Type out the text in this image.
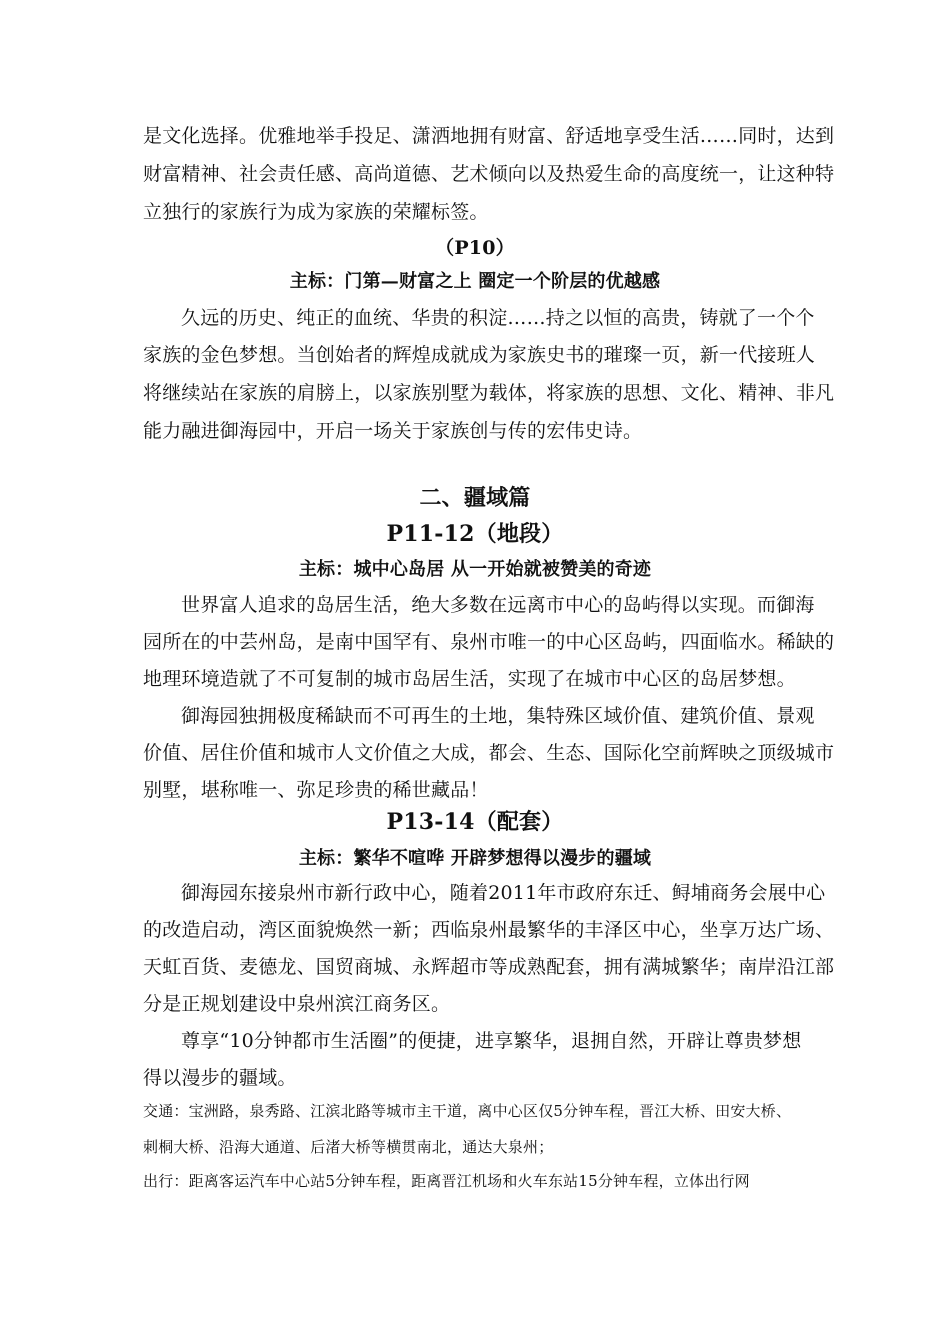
是文化选择。优雅地举手投足、潇洒地拥有财富、舒适地享受生活……同时，达到
财富精神、社会责任感、高尚道德、艺术倾向以及热爱生命的高度统一，让这种特
立独行的家族行为成为家族的荣耀标签。
（P10）
主标：门第—财富之上 圈定一个阶层的优越感
久远的历史、纯正的血统、华贵的积淀……持之以恒的高贵，铸就了一个个
家族的金色梦想。当创始者的辉煌成就成为家族史书的璀璨一页，新一代接班人
将继续站在家族的肩膀上，以家族别墅为载体，将家族的思想、文化、精神、非凡
能力融进御海园中，开启一场关于家族创与传的宏伟史诗。
二、疆域篇
P11-12（地段）
主标：城中心岛居 从一开始就被赞美的奇迹
世界富人追求的岛居生活，绝大多数在远离市中心的岛屿得以实现。而御海
园所在的中芸州岛，是南中国罕有、泉州市唯一的中心区岛屿，四面临水。稀缺的
地理环境造就了不可复制的城市岛居生活，实现了在城市中心区的岛居梦想。
御海园独拥极度稀缺而不可再生的土地，集特殊区域价值、建筑价值、景观
价值、居住价值和城市人文价值之大成，都会、生态、国际化空前辉映之顶级城市
别墅，堪称唯一、弥足珍贵的稀世藏品！
P13-14（配套）
主标：繁华不喧哗 开辟梦想得以漫步的疆域
御海园东接泉州市新行政中心，随着2011年市政府东迁、鲟埔商务会展中心
的改造启动，湾区面貌焕然一新；西临泉州最繁华的丰泽区中心，坐享万达广场、
天虹百货、麦德龙、国贸商城、永辉超市等成熟配套，拥有满城繁华；南岸沿江部
分是正规划建设中泉州滨江商务区。
尊享“10分钟都市生活圈”的便捷，进享繁华，退拥自然，开辟让尊贵梦想
得以漫步的疆域。
交通：宝洲路，泉秀路、江滨北路等城市主干道，离中心区仅5分钟车程，晋江大桥、田安大桥、
刺桐大桥、沿海大通道、后渚大桥等横贯南北，通达大泉州；
出行：距离客运汽车中心站5分钟车程，距离晋江机场和火车东站15分钟车程，立体出行网
